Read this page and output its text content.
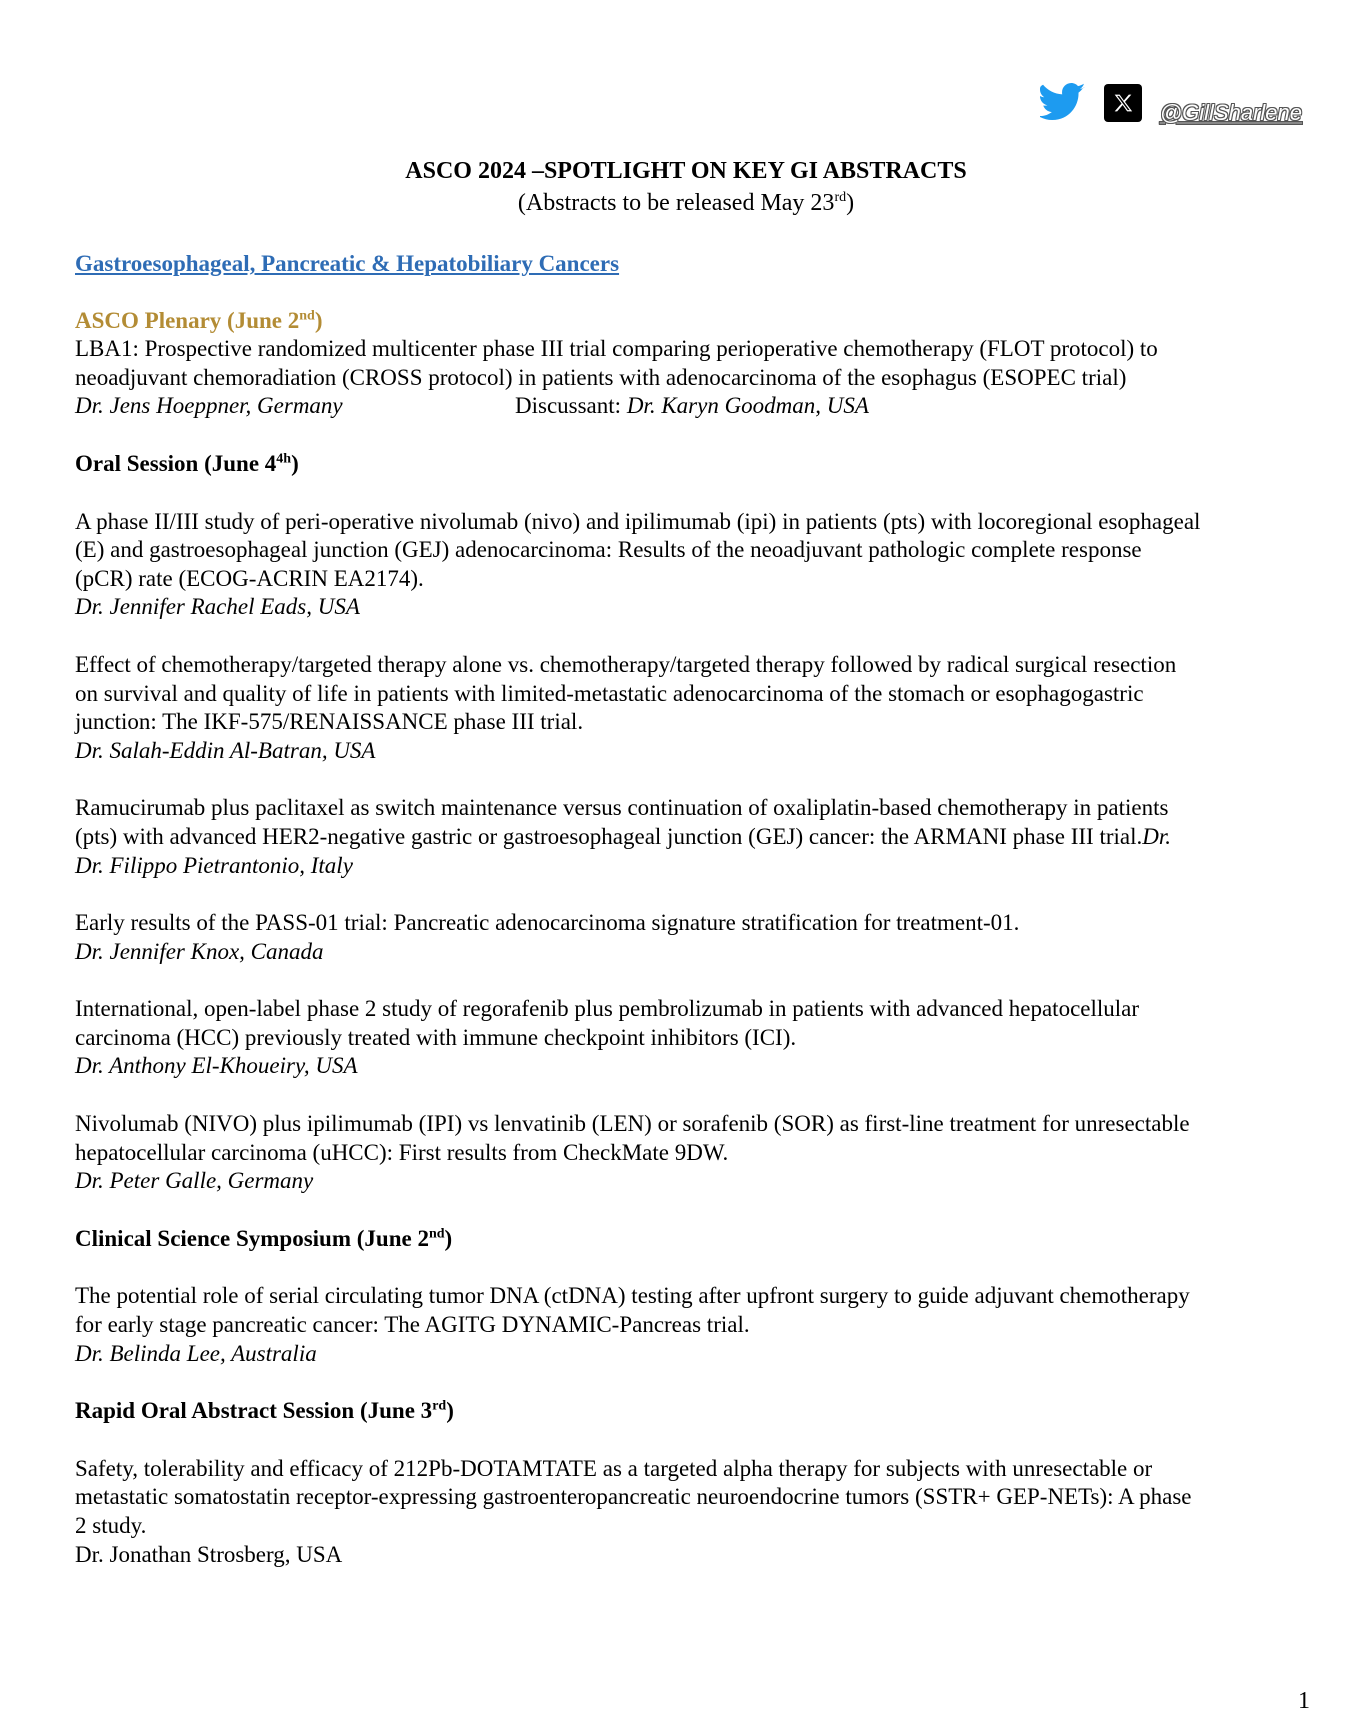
@GillSharlene
ASCO 2024 –SPOTLIGHT ON KEY GI ABSTRACTS
(Abstracts to be released May 23rd)

Gastroesophageal, Pancreatic & Hepatobiliary Cancers

ASCO Plenary (June 2nd)

LBA1: Prospective randomized multicenter phase III trial comparing perioperative chemotherapy (FLOT protocol) to

neoadjuvant chemoradiation (CROSS protocol) in patients with adenocarcinoma of the esophagus (ESOPEC trial)

Dr. Jens Hoeppner, Germany	Discussant: Dr. Karyn Goodman, USA

Oral Session (June $4^{4h}$)

A phase II/III study of peri-operative nivolumab (nivo) and ipilimumab (ipi) in patients (pts) with locoregional esophageal

(E) and gastroesophageal junction (GEJ) adenocarcinoma: Results of the neoadjuvant pathologic complete response

(pCR) rate (ECOG-ACRIN EA2174).

Dr. Jennifer Rachel Eads, USA

Effect of chemotherapy/targeted therapy alone vs. chemotherapy/targeted therapy followed by radical surgical resection

on survival and quality of life in patients with limited-metastatic adenocarcinoma of the stomach or esophagogastric

junction: The IKF-575/RENAISSANCE phase III trial.

Dr. Salah-Eddin Al-Batran, USA

Ramucirumab plus paclitaxel as switch maintenance versus continuation of oxaliplatin-based chemotherapy in patients

(pts) with advanced HER2-negative gastric or gastroesophageal junction (GEJ) cancer: the ARMANI phase III trial.Dr.

Dr. Filippo Pietrantonio, Italy

Early results of the PASS-01 trial: Pancreatic adenocarcinoma signature stratification for treatment-01.

Dr. Jennifer Knox, Canada

International, open-label phase 2 study of regorafenib plus pembrolizumab in patients with advanced hepatocellular

carcinoma (HCC) previously treated with immune checkpoint inhibitors (ICI).

Dr. Anthony El-Khoueiry, USA

Nivolumab (NIVO) plus ipilimumab (IPI) vs lenvatinib (LEN) or sorafenib (SOR) as first-line treatment for unresectable

hepatocellular carcinoma (uHCC): First results from CheckMate 9DW.

Dr. Peter Galle, Germany

Clinical Science Symposium (June 2nd)

The potential role of serial circulating tumor DNA (ctDNA) testing after upfront surgery to guide adjuvant chemotherapy

for early stage pancreatic cancer: The AGITG DYNAMIC-Pancreas trial.

Dr. Belinda Lee, Australia

Rapid Oral Abstract Session (June 3rd)

Safety, tolerability and efficacy of 212Pb-DOTAMTATE as a targeted alpha therapy for subjects with unresectable or

metastatic somatostatin receptor-expressing gastroenteropancreatic neuroendocrine tumors (SSTR+ GEP-NETs): A phase

2 study.

Dr. Jonathan Strosberg, USA

1
